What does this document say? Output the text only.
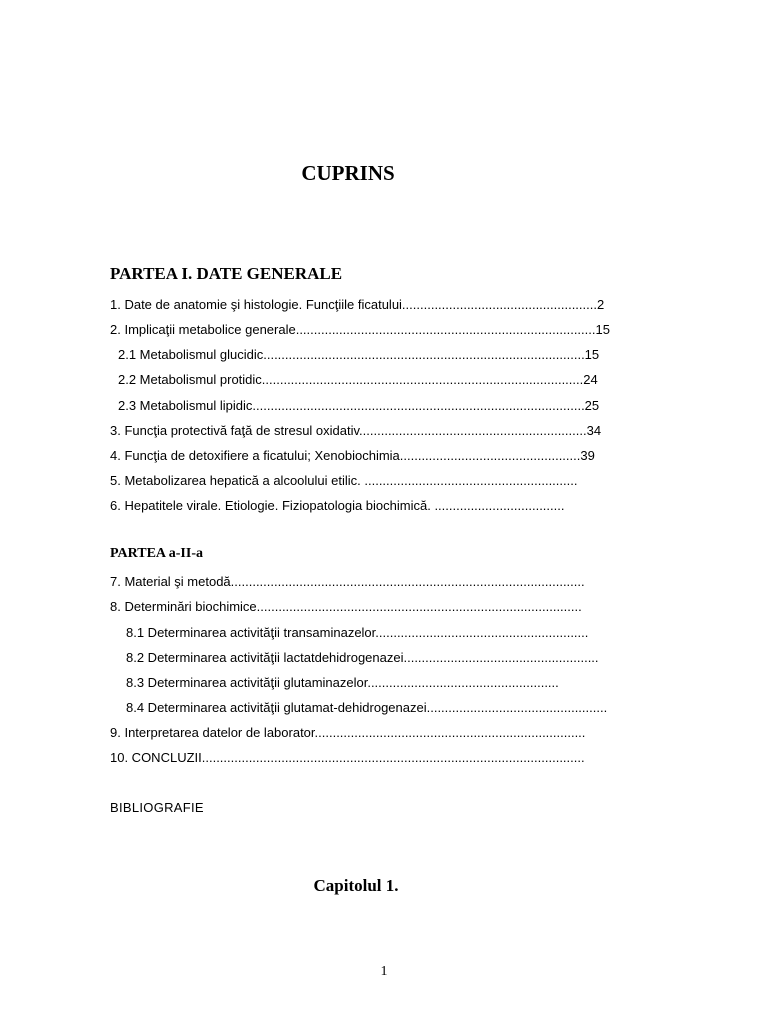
CUPRINS
PARTEA I. DATE GENERALE
1. Date de anatomie şi histologie. Funcţiile ficatului......................................................2
2. Implicaţii metabolice generale...................................................................................15
2.1 Metabolismul glucidic.........................................................................................15
2.2 Metabolismul protidic.........................................................................................24
2.3 Metabolismul lipidic............................................................................................25
3. Funcţia protectivă faţă de stresul oxidativ...............................................................34
4. Funcţia de detoxifiere a ficatului; Xenobiochimia..................................................39
5. Metabolizarea hepatică a alcoolului etilic. ...........................................................
6. Hepatitele virale. Etiologie. Fiziopatologia biochimică. ....................................
PARTEA a-II-a
7. Material şi metodă..................................................................................................
8. Determinări biochimice..........................................................................................
8.1 Determinarea activităţii transaminazelor...........................................................
8.2 Determinarea activităţii lactatdehidrogenazei......................................................
8.3 Determinarea activităţii glutaminazelor.....................................................
8.4 Determinarea activităţii glutamat-dehidrogenazei..................................................
9. Interpretarea datelor de laborator...........................................................................
10. CONCLUZII..........................................................................................................
BIBLIOGRAFIE
Capitolul 1.
1
